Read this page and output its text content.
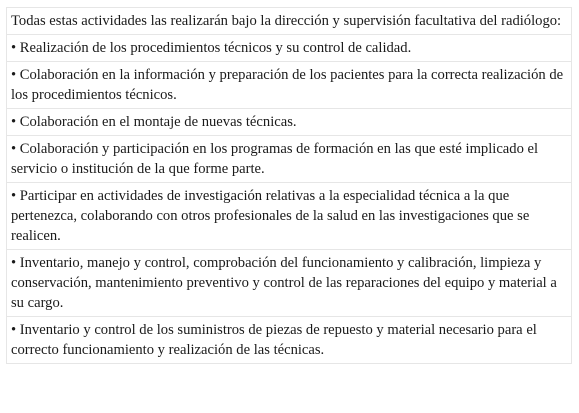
Todas estas actividades las realizarán bajo la dirección y supervisión facultativa del radiólogo:
• Realización de los procedimientos técnicos y su control de calidad.
• Colaboración en la información y preparación de los pacientes para la correcta realización de los procedimientos técnicos.
• Colaboración en el montaje de nuevas técnicas.
• Colaboración y participación en los programas de formación en las que esté implicado el servicio o institución de la que forme parte.
• Participar en actividades de investigación relativas a la especialidad técnica a la que pertenezca, colaborando con otros profesionales de la salud en las investigaciones que se realicen.
• Inventario, manejo y control, comprobación del funcionamiento y calibración, limpieza y conservación, mantenimiento preventivo y control de las reparaciones del equipo y material a su cargo.
• Inventario y control de los suministros de piezas de repuesto y material necesario para el correcto funcionamiento y realización de las técnicas.
